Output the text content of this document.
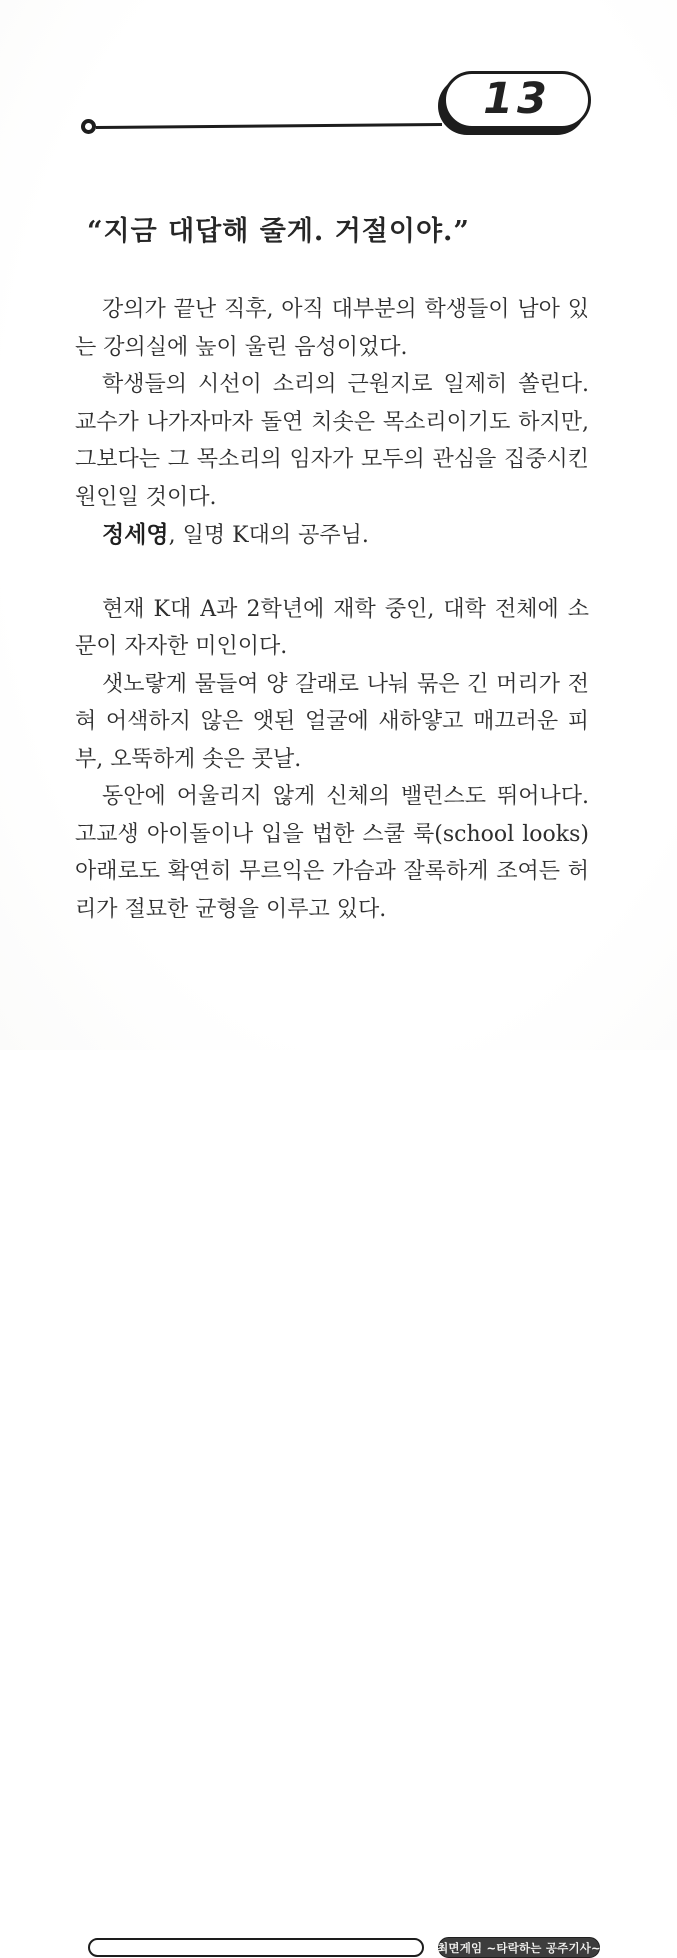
13

“지금 대답해 줄게. 거절이야.”

강의가 끝난 직후, 아직 대부분의 학생들이 남아 있는 강의실에 높이 울린 음성이었다.

학생들의 시선이 소리의 근원지로 일제히 쏠린다. 교수가 나가자마자 돌연 치솟은 목소리이기도 하지만, 그보다는 그 목소리의 임자가 모두의 관심을 집중시킨 원인일 것이다.

정세영, 일명 K대의 공주님.

현재 K대 A과 2학년에 재학 중인, 대학 전체에 소문이 자자한 미인이다.

샛노랗게 물들여 양 갈래로 나눠 묶은 긴 머리가 전혀 어색하지 않은 앳된 얼굴에 새하얗고 매끄러운 피부, 오뚝하게 솟은 콧날.

동안에 어울리지 않게 신체의 밸런스도 뛰어나다. 고교생 아이돌이나 입을 법한 스쿨 룩(school looks) 아래로도 확연히 무르익은 가슴과 잘록하게 조여든 허리가 절묘한 균형을 이루고 있다.

최면게임 ~타락하는 공주기사~
